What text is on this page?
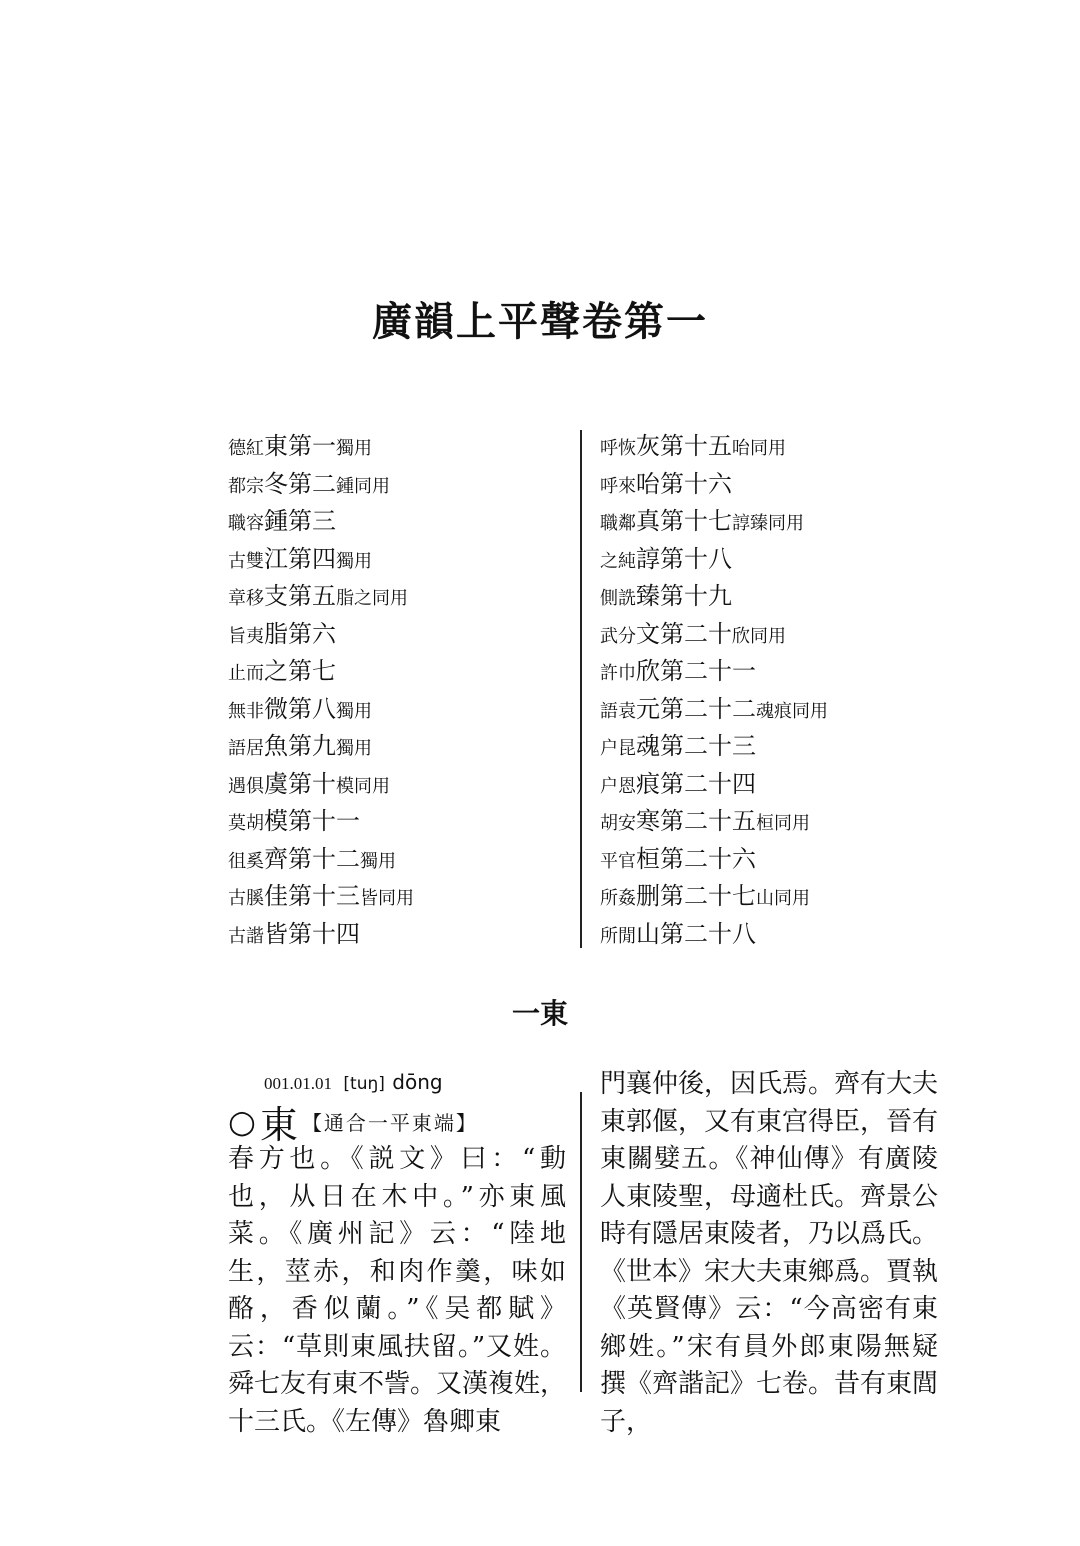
廣韻上平聲卷第一
德紅東第一獨用
都宗冬第二鍾同用
職容鍾第三
古雙江第四獨用
章移支第五脂之同用
旨夷脂第六
止而之第七
無非微第八獨用
語居魚第九獨用
遇俱虞第十模同用
莫胡模第十一
徂奚齊第十二獨用
古膎佳第十三皆同用
古諧皆第十四
呼恢灰第十五咍同用
呼來咍第十六
職鄰真第十七諄臻同用
之純諄第十八
側詵臻第十九
武分文第二十欣同用
許巾欣第二十一
語袁元第二十二魂痕同用
户昆魂第二十三
户恩痕第二十四
胡安寒第二十五桓同用
平官桓第二十六
所姦删第二十七山同用
所閒山第二十八
一東
001.01.01 [tuŋ] dōng
○ 東 【通合一平東端】

春方也。《説文》曰：“動也，从日在木中。”亦東風菜。《廣州記》云：“陸地生，莖赤，和肉作羹，味如酪，香似蘭。”《吴都賦》云：“草則東風扶留。”又姓。舜七友有東不訾。又漢複姓，十三氏。《左傳》魯卿東

門襄仲後，因氏焉。齊有大夫東郭偃，又有東宫得臣，晉有東關嬖五。《神仙傳》有廣陵人東陵聖，母適杜氏。齊景公時有隱居東陵者，乃以爲氏。《世本》宋大夫東鄉爲。賈執《英賢傳》云：“今高密有東鄉姓。”宋有員外郎東陽無疑撰《齊諧記》七卷。昔有東閭子，
